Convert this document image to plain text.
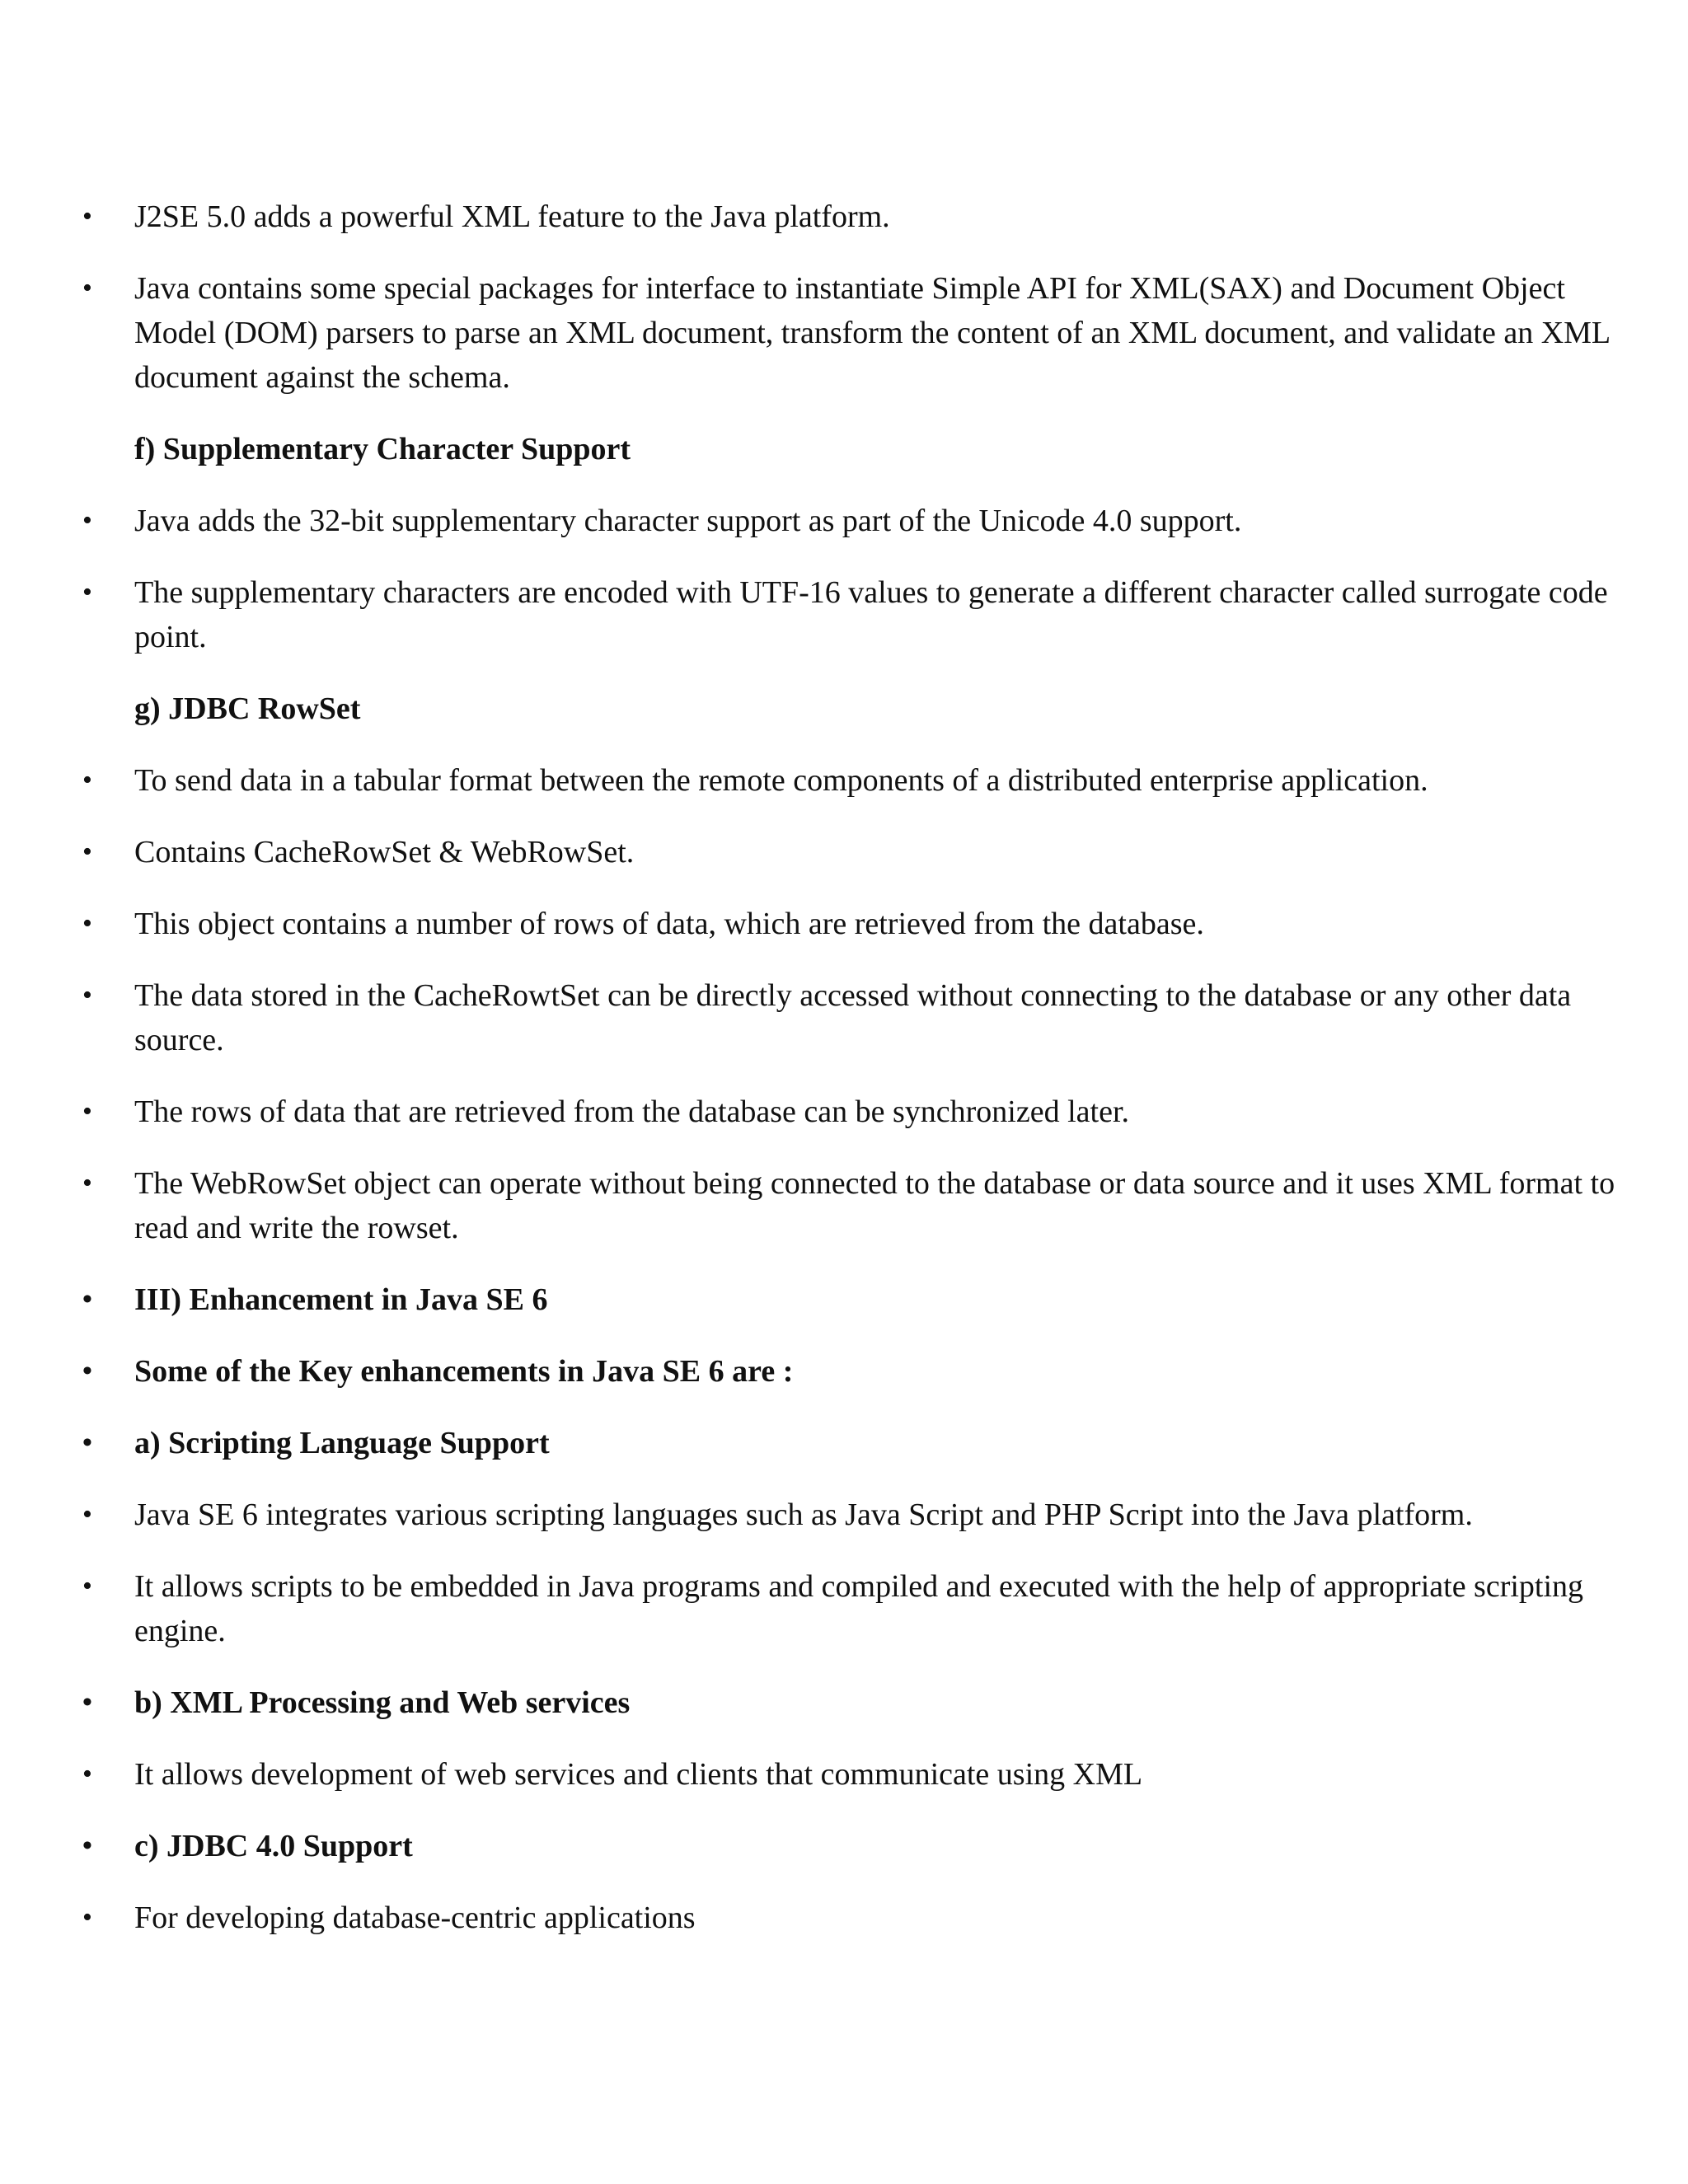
• J2SE 5.0 adds a powerful XML feature to the Java platform.
• Java contains some special packages for interface to instantiate Simple API for XML(SAX) and Document Object Model (DOM) parsers to parse an XML document, transform the content of an XML document, and validate an XML document against the schema.
f) Supplementary Character Support
• Java adds the 32-bit supplementary character support as part of the Unicode 4.0 support.
• The supplementary characters are encoded with UTF-16 values to generate a different character called surrogate code point.
g) JDBC RowSet
• To send data in a tabular format between the remote components of a distributed enterprise application.
• Contains CacheRowSet & WebRowSet.
• This object contains a number of rows of data, which are retrieved from the database.
• The data stored in the CacheRowtSet can be directly accessed without connecting to the database or any other data source.
• The rows of data that are retrieved from the database can be synchronized later.
• The WebRowSet object can operate without being connected to the database or data source and it uses XML format to read and write the rowset.
• III) Enhancement in Java SE 6
• Some of the Key enhancements in Java SE 6 are :
• a) Scripting Language Support
• Java SE 6 integrates various scripting languages such as Java Script and PHP Script into the Java platform.
• It allows scripts to be embedded in Java programs and compiled and executed with the help of appropriate scripting engine.
• b) XML Processing and Web services
• It allows development of web services and clients that communicate using XML
• c) JDBC 4.0 Support
• For developing database-centric applications
